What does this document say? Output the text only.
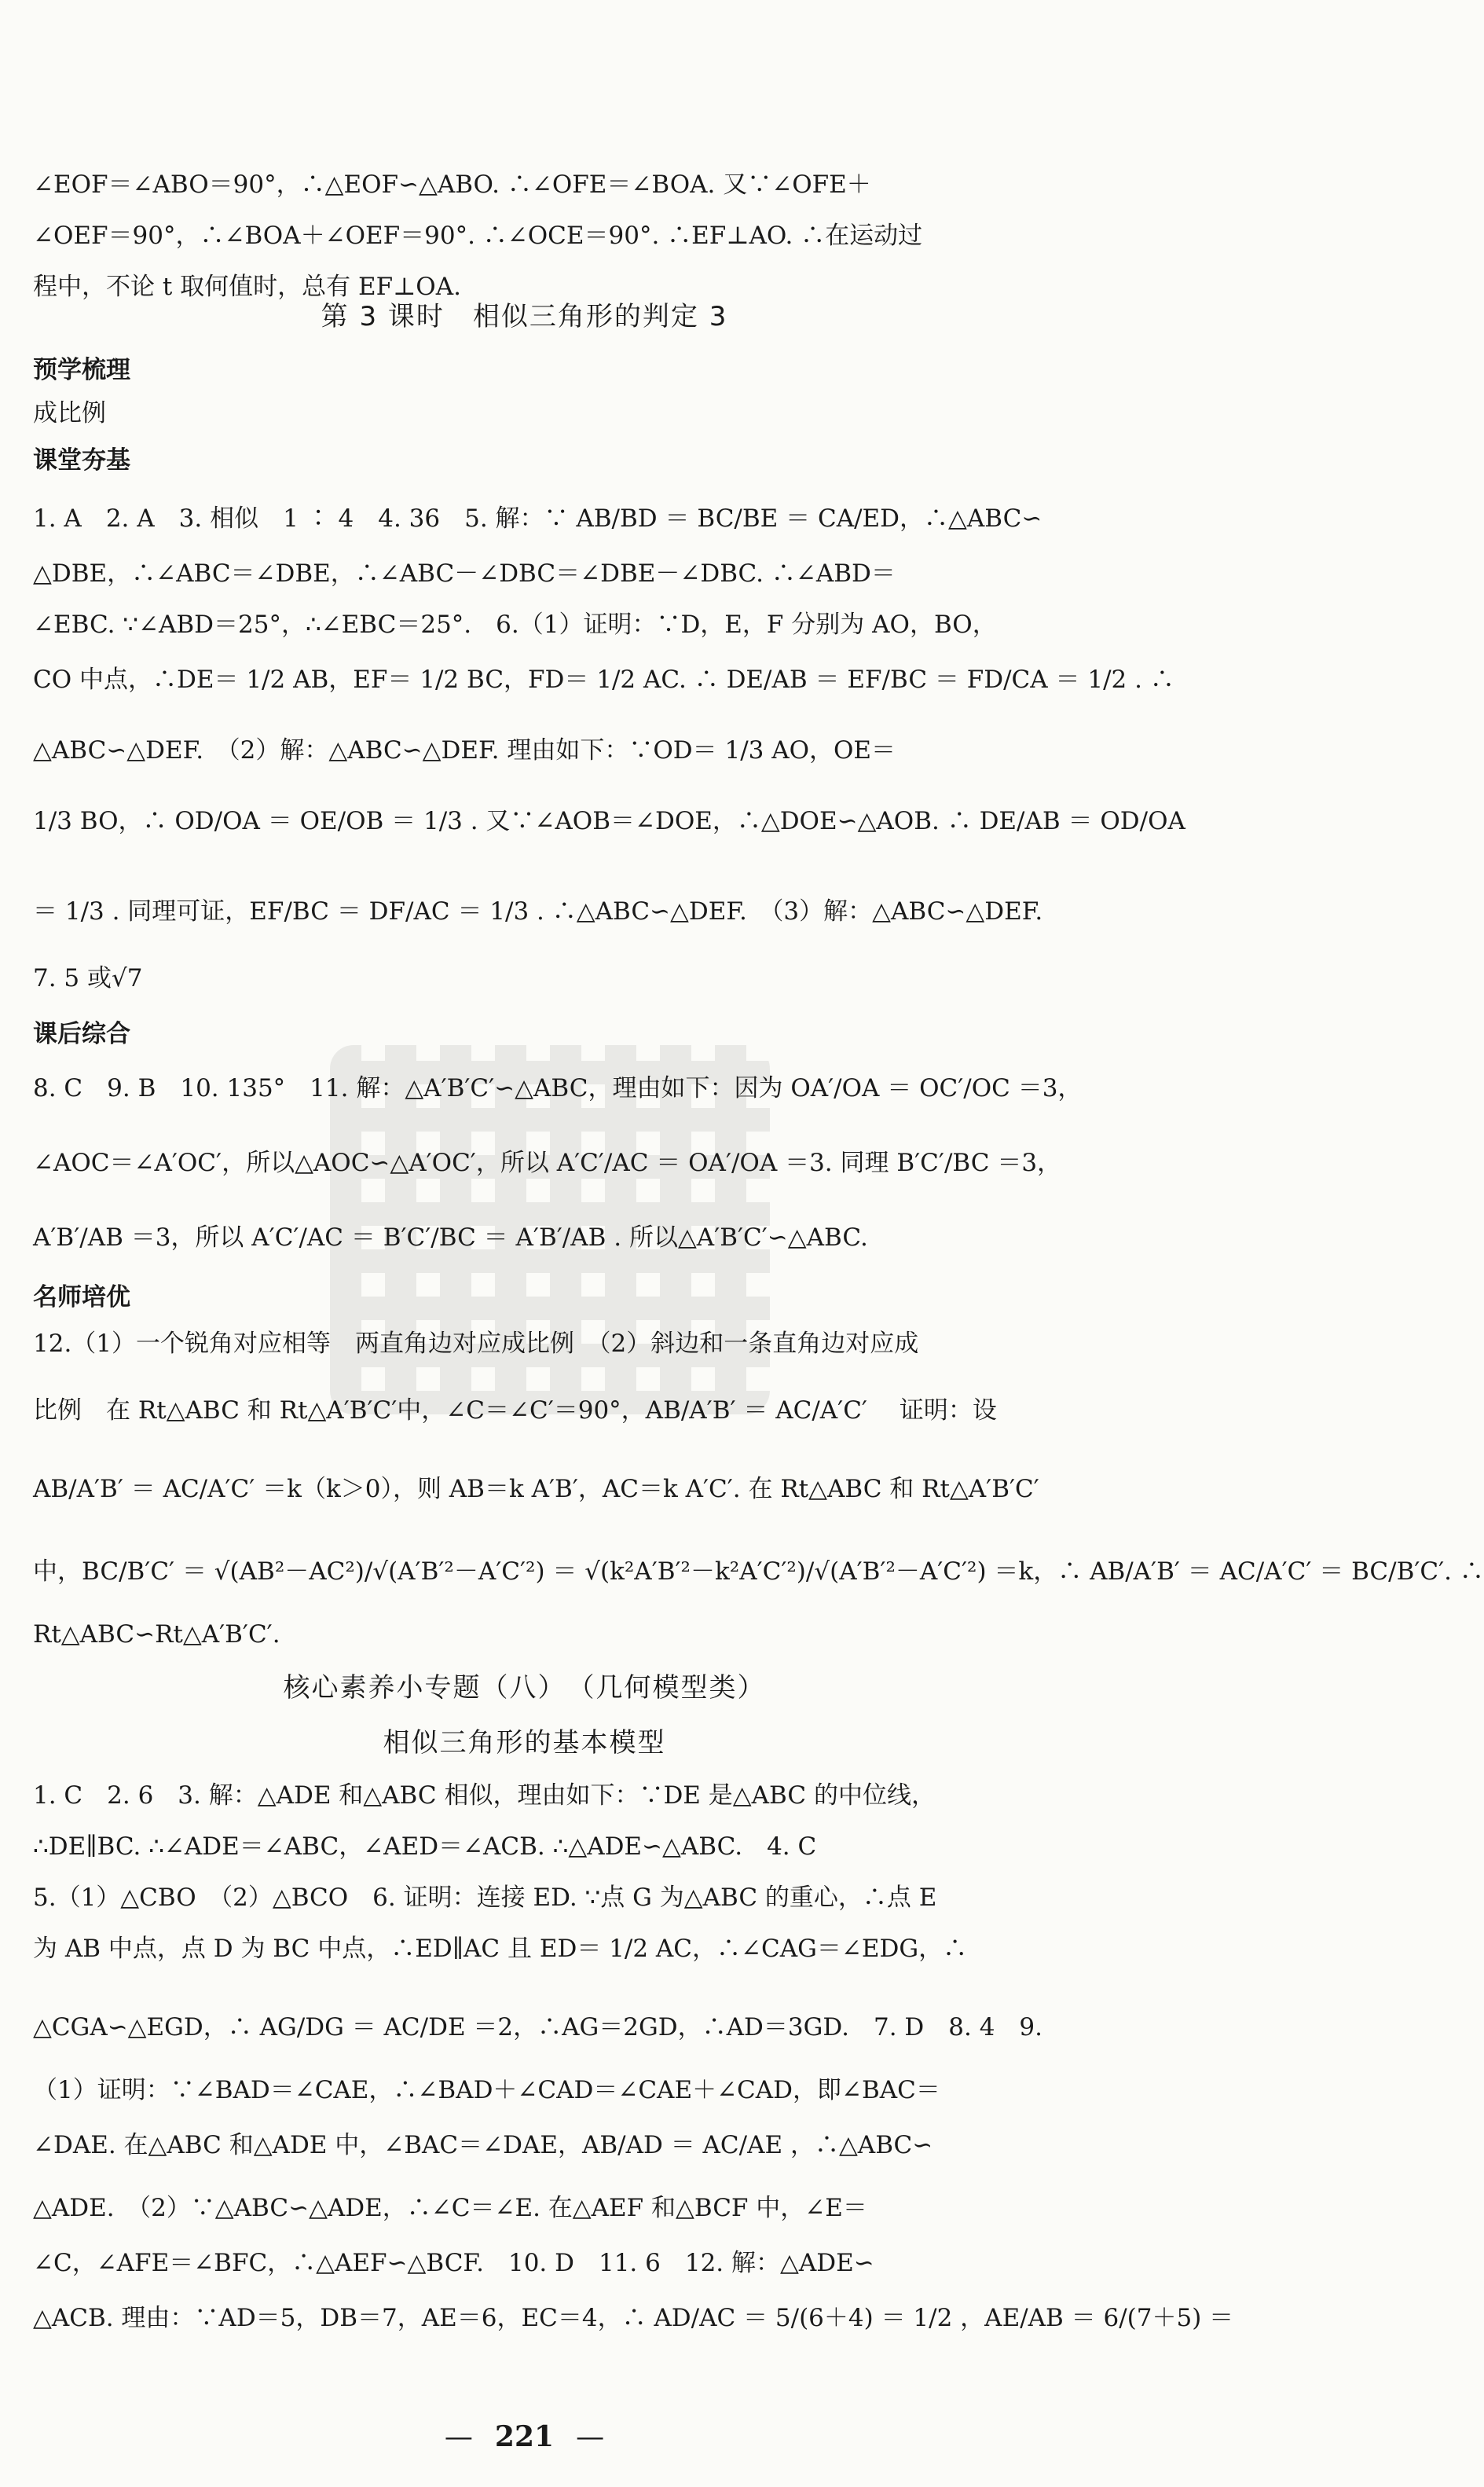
∠EOF＝∠ABO＝90°，∴△EOF∽△ABO. ∴∠OFE＝∠BOA. 又∵∠OFE＋
∠OEF＝90°，∴∠BOA＋∠OEF＝90°. ∴∠OCE＝90°. ∴EF⊥AO. ∴在运动过
程中，不论 t 取何值时，总有 EF⊥OA.
第 3 课时　相似三角形的判定 3
预学梳理
成比例
课堂夯基
1. A　2. A　3. 相似　1 ∶ 4　4. 36　5. 解：∵ AB/BD ＝ BC/BE ＝ CA/ED，∴△ABC∽
△DBE，∴∠ABC＝∠DBE，∴∠ABC－∠DBC＝∠DBE－∠DBC. ∴∠ABD＝
∠EBC. ∵∠ABD＝25°，∴∠EBC＝25°.　6.（1）证明：∵D，E，F 分别为 AO，BO，
CO 中点，∴DE＝ 1/2 AB，EF＝ 1/2 BC，FD＝ 1/2 AC. ∴ DE/AB ＝ EF/BC ＝ FD/CA ＝ 1/2 . ∴
△ABC∽△DEF.　（2）解：△ABC∽△DEF. 理由如下：∵OD＝ 1/3 AO，OE＝
1/3 BO，∴ OD/OA ＝ OE/OB ＝ 1/3 . 又∵∠AOB＝∠DOE，∴△DOE∽△AOB. ∴ DE/AB ＝ OD/OA
＝ 1/3 . 同理可证，EF/BC ＝ DF/AC ＝ 1/3 . ∴△ABC∽△DEF.　（3）解：△ABC∽△DEF.
7. 5 或√7
课后综合
8. C　9. B　10. 135°　11. 解：△A′B′C′∽△ABC，理由如下：因为 OA′/OA ＝ OC′/OC ＝3，
∠AOC＝∠A′OC′，所以△AOC∽△A′OC′，所以 A′C′/AC ＝ OA′/OA ＝3. 同理 B′C′/BC ＝3，
A′B′/AB ＝3，所以 A′C′/AC ＝ B′C′/BC ＝ A′B′/AB . 所以△A′B′C′∽△ABC.
名师培优
12.（1）一个锐角对应相等　两直角边对应成比例　（2）斜边和一条直角边对应成
比例　在 Rt△ABC 和 Rt△A′B′C′中，∠C＝∠C′＝90°，AB/A′B′ ＝ AC/A′C′ 　证明：设
AB/A′B′ ＝ AC/A′C′ ＝k（k＞0），则 AB＝k A′B′，AC＝k A′C′. 在 Rt△ABC 和 Rt△A′B′C′
中，BC/B′C′ ＝ √(AB²－AC²)/√(A′B′²－A′C′²) ＝ √(k²A′B′²－k²A′C′²)/√(A′B′²－A′C′²) ＝k，∴ AB/A′B′ ＝ AC/A′C′ ＝ BC/B′C′. ∴
Rt△ABC∽Rt△A′B′C′.
核心素养小专题（八）　（几何模型类）
相似三角形的基本模型
1. C　2. 6　3. 解：△ADE 和△ABC 相似，理由如下：∵DE 是△ABC 的中位线，
∴DE∥BC. ∴∠ADE＝∠ABC，∠AED＝∠ACB. ∴△ADE∽△ABC.　4. C
5.（1）△CBO　（2）△BCO　6. 证明：连接 ED. ∵点 G 为△ABC 的重心，∴点 E
为 AB 中点，点 D 为 BC 中点，∴ED∥AC 且 ED＝ 1/2 AC，∴∠CAG＝∠EDG，∴
△CGA∽△EGD，∴ AG/DG ＝ AC/DE ＝2，∴AG＝2GD，∴AD＝3GD.　7. D　8. 4　9.
（1）证明：∵∠BAD＝∠CAE，∴∠BAD＋∠CAD＝∠CAE＋∠CAD，即∠BAC＝
∠DAE. 在△ABC 和△ADE 中，∠BAC＝∠DAE，AB/AD ＝ AC/AE ，∴△ABC∽
△ADE.　（2）∵△ABC∽△ADE，∴∠C＝∠E. 在△AEF 和△BCF 中，∠E＝
∠C，∠AFE＝∠BFC，∴△AEF∽△BCF.　10. D　11. 6　12. 解：△ADE∽
△ACB. 理由：∵AD＝5，DB＝7，AE＝6，EC＝4，∴ AD/AC ＝ 5/(6＋4) ＝ 1/2 ，AE/AB ＝ 6/(7＋5) ＝
— 221 —
